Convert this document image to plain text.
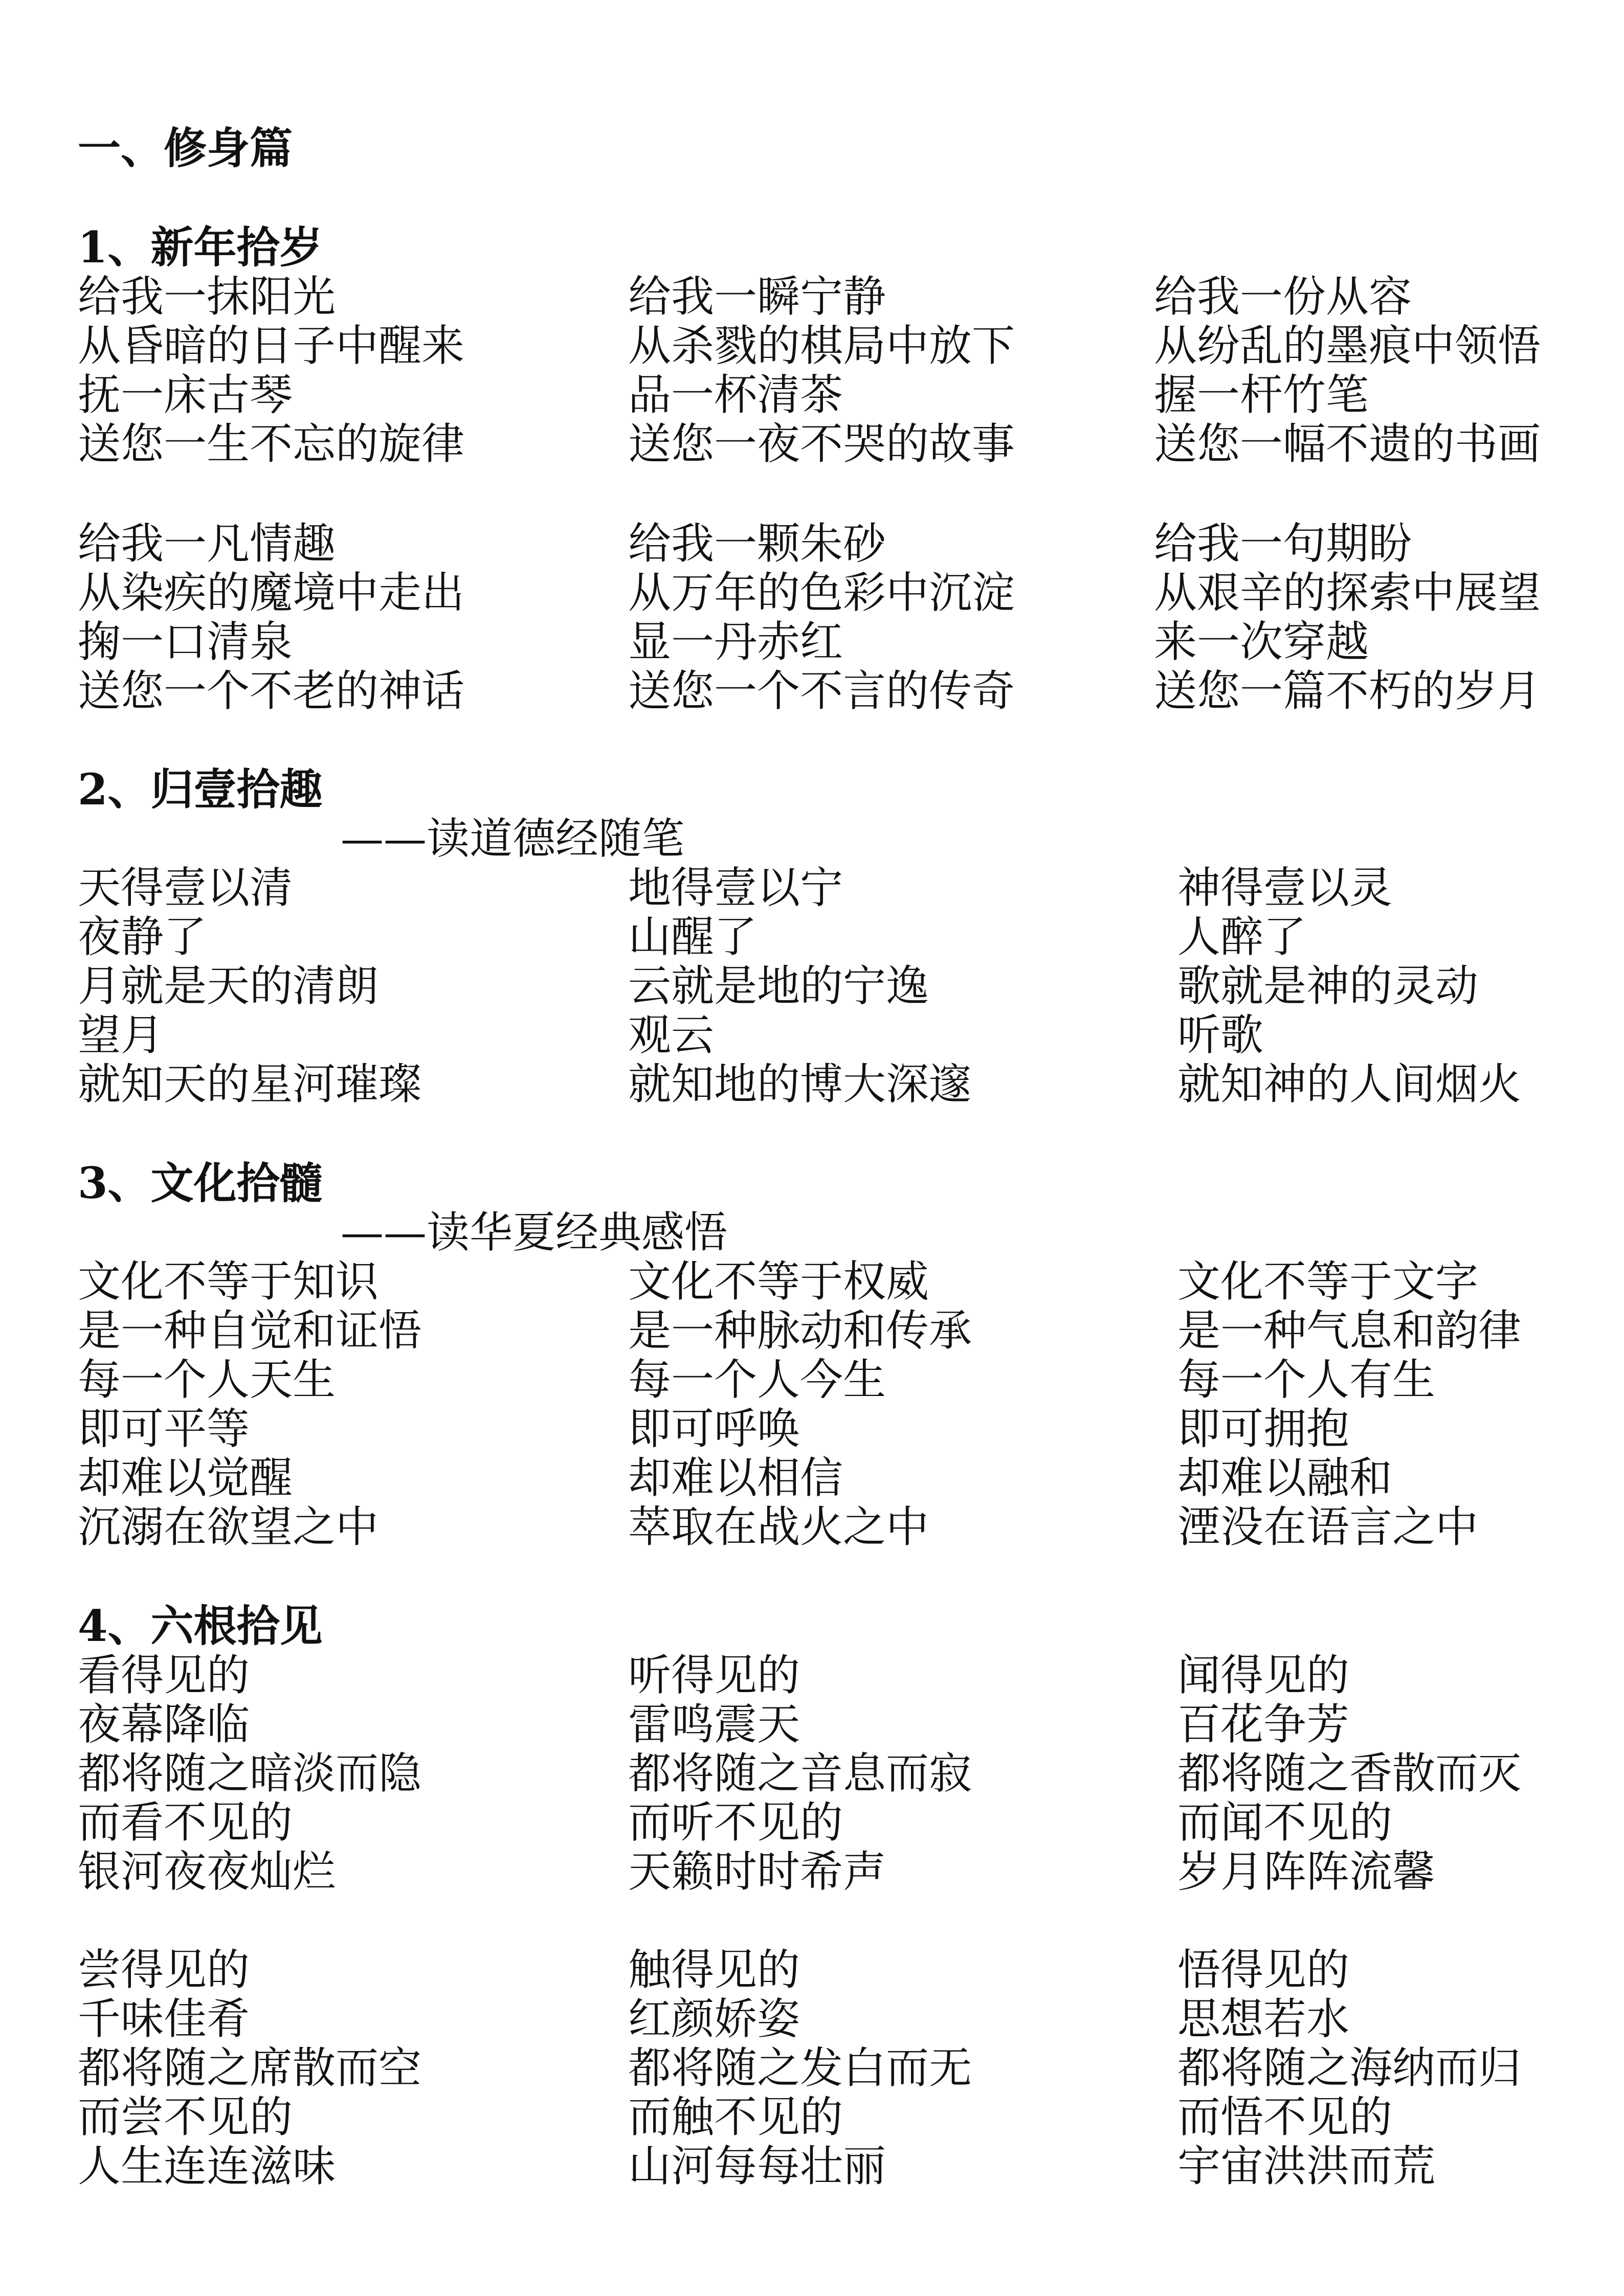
一、修身篇
1、新年拾岁
给我一抹阳光	给我一瞬宁静	给我一份从容
从昏暗的日子中醒来	从杀戮的棋局中放下	从纷乱的墨痕中领悟
抚一床古琴	品一杯清茶	握一杆竹笔
送您一生不忘的旋律	送您一夜不哭的故事	送您一幅不遗的书画
给我一凡情趣	给我一颗朱砂	给我一句期盼
从染疾的魔境中走出	从万年的色彩中沉淀	从艰辛的探索中展望
掬一口清泉	显一丹赤红	来一次穿越
送您一个不老的神话	送您一个不言的传奇	送您一篇不朽的岁月
2、归壹拾趣
——读道德经随笔
天得壹以清	地得壹以宁	神得壹以灵
夜静了	山醒了	人醉了
月就是天的清朗	云就是地的宁逸	歌就是神的灵动
望月	观云	听歌
就知天的星河璀璨	就知地的博大深邃	就知神的人间烟火
3、文化拾髓
——读华夏经典感悟
文化不等于知识	文化不等于权威	文化不等于文字
是一种自觉和证悟	是一种脉动和传承	是一种气息和韵律
每一个人天生	每一个人今生	每一个人有生
即可平等	即可呼唤	即可拥抱
却难以觉醒	却难以相信	却难以融和
沉溺在欲望之中	萃取在战火之中	湮没在语言之中
4、六根拾见
看得见的	听得见的	闻得见的
夜幕降临	雷鸣震天	百花争芳
都将随之暗淡而隐	都将随之音息而寂	都将随之香散而灭
而看不见的	而听不见的	而闻不见的
银河夜夜灿烂	天籁时时希声	岁月阵阵流馨
尝得见的	触得见的	悟得见的
千味佳肴	红颜娇姿	思想若水
都将随之席散而空	都将随之发白而无	都将随之海纳而归
而尝不见的	而触不见的	而悟不见的
人生连连滋味	山河每每壮丽	宇宙洪洪而荒
